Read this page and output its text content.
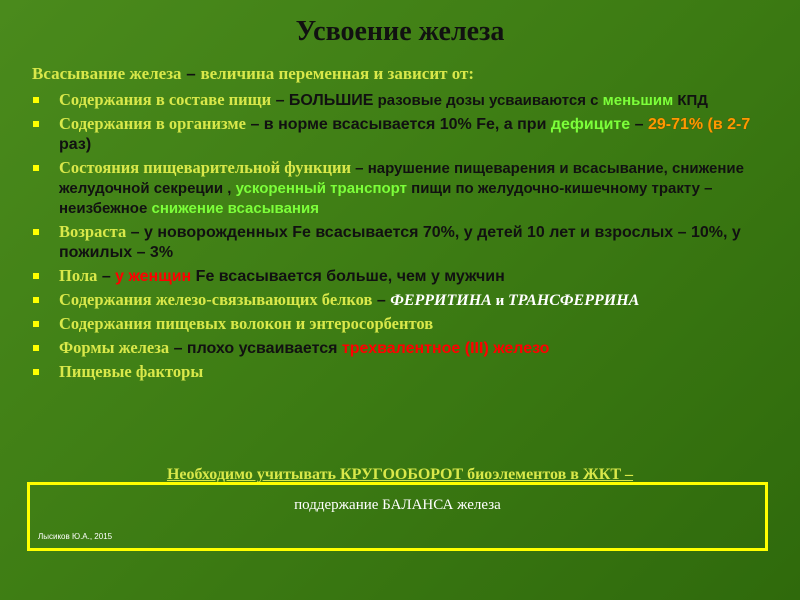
Усвоение железа
Всасывание железа – величина переменная и зависит от:
Содержания в составе пищи – БОЛЬШИЕ разовые дозы усваиваются с меньшим КПД
Содержания в организме – в норме всасывается 10% Fe, а при дефиците – 29-71% (в 2-7 раз)
Состояния пищеварительной функции – нарушение пищеварения и всасывание, снижение желудочной секреции , ускоренный транспорт пищи по желудочно-кишечному тракту – неизбежное снижение всасывания
Возраста – у новорожденных Fe всасывается 70%, у детей 10 лет и взрослых – 10%, у пожилых – 3%
Пола – у женщин Fe всасывается больше, чем у мужчин
Содержания железо-связывающих белков – ФЕРРИТИНА и ТРАНСФЕРРИНА
Содержания пищевых волокон и энтеросорбентов
Формы железа – плохо усваивается трехвалентное (III) железо
Пищевые факторы
Необходимо учитывать КРУГООБОРОТ биоэлементов в ЖКТ –
поддержание БАЛАНСА железа
Лысиков Ю.А., 2015
